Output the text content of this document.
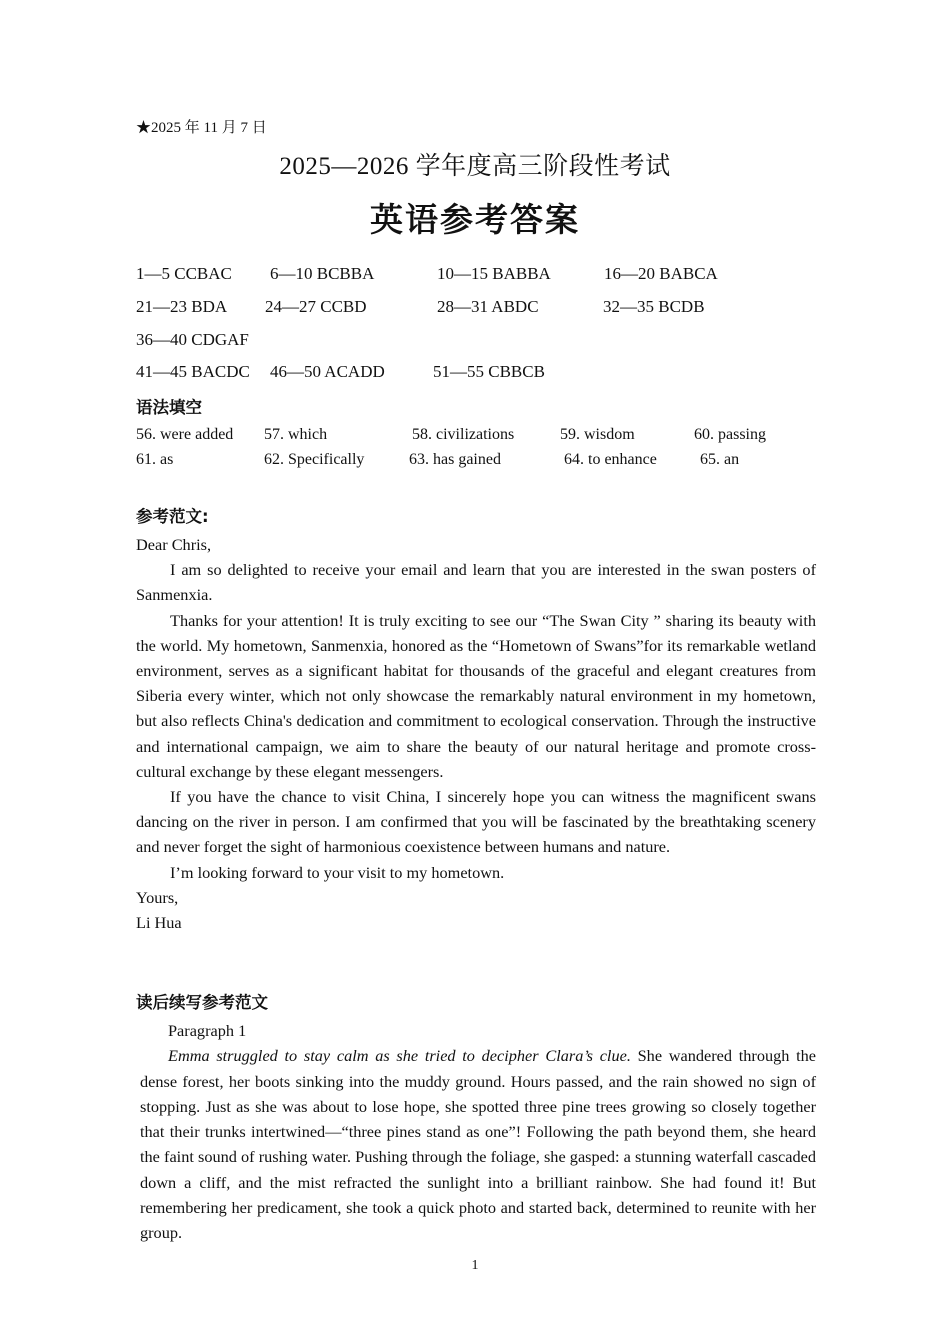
★2025 年 11 月 7 日
2025—2026 学年度高三阶段性考试
英语参考答案
1—5 CCBAC 6—10 BCBBA	10—15 BABBA	16—20 BABCA
21—23 BDA 24—27 CCBD	28—31 ABDC	32—35 BCDB
36—40 CDGAF
41—45 BACDC 46—50 ACADD	51—55 CBBCB
语法填空
56. were added 57. which	58. civilizations	59. wisdom	60. passing
61. as	62. Specifically	63. has gained	64. to enhance	65. an
参考范文:

Dear Chris,

I am so delighted to receive your email and learn that you are interested in the swan posters of Sanmenxia.

Thanks for your attention! It is truly exciting to see our “The Swan City ” sharing its beauty with the world. My hometown, Sanmenxia, honored as the “Hometown of Swans”for its remarkable wetland environment, serves as a significant habitat for thousands of the graceful and elegant creatures from Siberia every winter, which not only showcase the remarkably natural environment in my hometown, but also reflects China's dedication and commitment to ecological conservation. Through the instructive and international campaign, we aim to share the beauty of our natural heritage and promote cross- cultural exchange by these elegant messengers.

If you have the chance to visit China, I sincerely hope you can witness the magnificent swans dancing on the river in person. I am confirmed that you will be fascinated by the breathtaking scenery and never forget the sight of harmonious coexistence between humans and nature.

I’m looking forward to your visit to my hometown.

Yours,

Li Hua

读后续写参考范文

Paragraph 1

Emma struggled to stay calm as she tried to decipher Clara’s clue. She wandered through the dense forest, her boots sinking into the muddy ground. Hours passed, and the rain showed no sign of stopping. Just as she was about to lose hope, she spotted three pine trees growing so closely together that their trunks intertwined—“three pines stand as one”! Following the path beyond them, she heard the faint sound of rushing water. Pushing through the foliage, she gasped: a stunning waterfall cascaded down a cliff, and the mist refracted the sunlight into a brilliant rainbow. She had found it! But remembering her predicament, she took a quick photo and started back, determined to reunite with her group.

1
